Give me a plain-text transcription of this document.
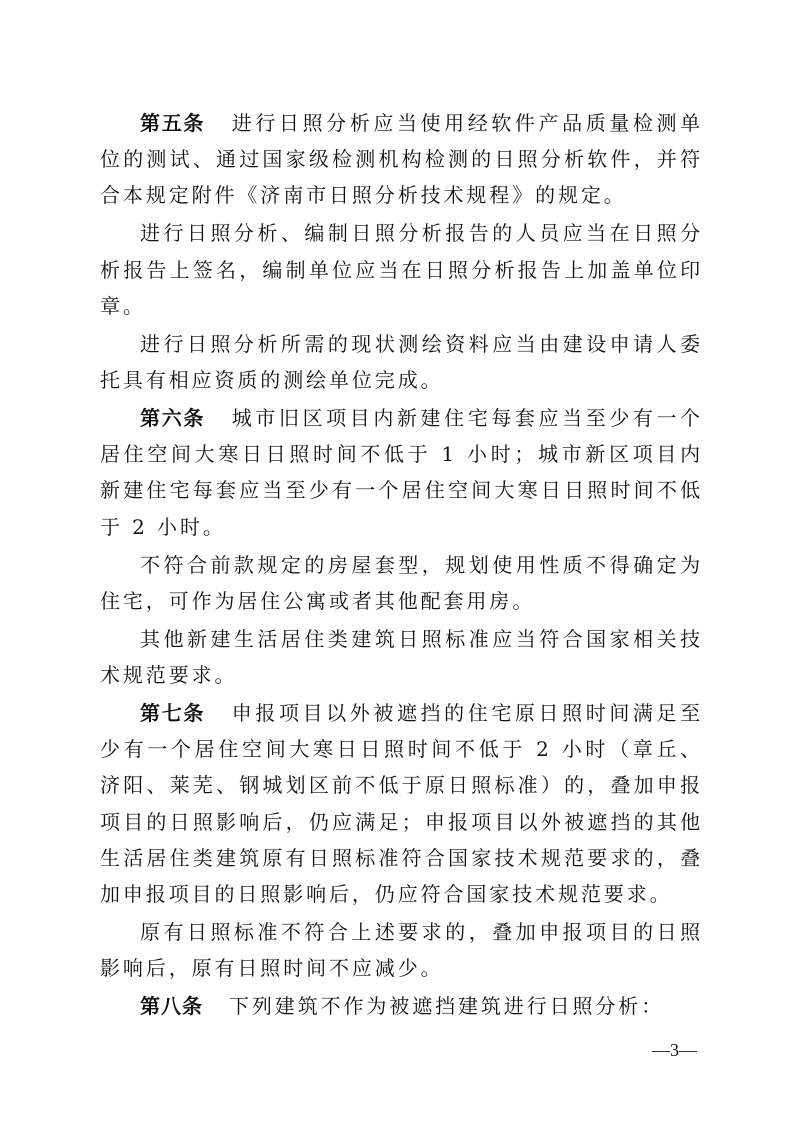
第五条 进行日照分析应当使用经软件产品质量检测单位的测试、通过国家级检测机构检测的日照分析软件，并符合本规定附件《济南市日照分析技术规程》的规定。

进行日照分析、编制日照分析报告的人员应当在日照分析报告上签名，编制单位应当在日照分析报告上加盖单位印章。

进行日照分析所需的现状测绘资料应当由建设申请人委托具有相应资质的测绘单位完成。

第六条 城市旧区项目内新建住宅每套应当至少有一个居住空间大寒日日照时间不低于 1 小时；城市新区项目内新建住宅每套应当至少有一个居住空间大寒日日照时间不低于 2 小时。

不符合前款规定的房屋套型，规划使用性质不得确定为住宅，可作为居住公寓或者其他配套用房。

其他新建生活居住类建筑日照标准应当符合国家相关技术规范要求。

第七条 申报项目以外被遮挡的住宅原日照时间满足至少有一个居住空间大寒日日照时间不低于 2 小时（章丘、济阳、莱芜、钢城划区前不低于原日照标准）的，叠加申报项目的日照影响后，仍应满足；申报项目以外被遮挡的其他生活居住类建筑原有日照标准符合国家技术规范要求的，叠加申报项目的日照影响后，仍应符合国家技术规范要求。

原有日照标准不符合上述要求的，叠加申报项目的日照影响后，原有日照时间不应减少。

第八条 下列建筑不作为被遮挡建筑进行日照分析：

—3—
